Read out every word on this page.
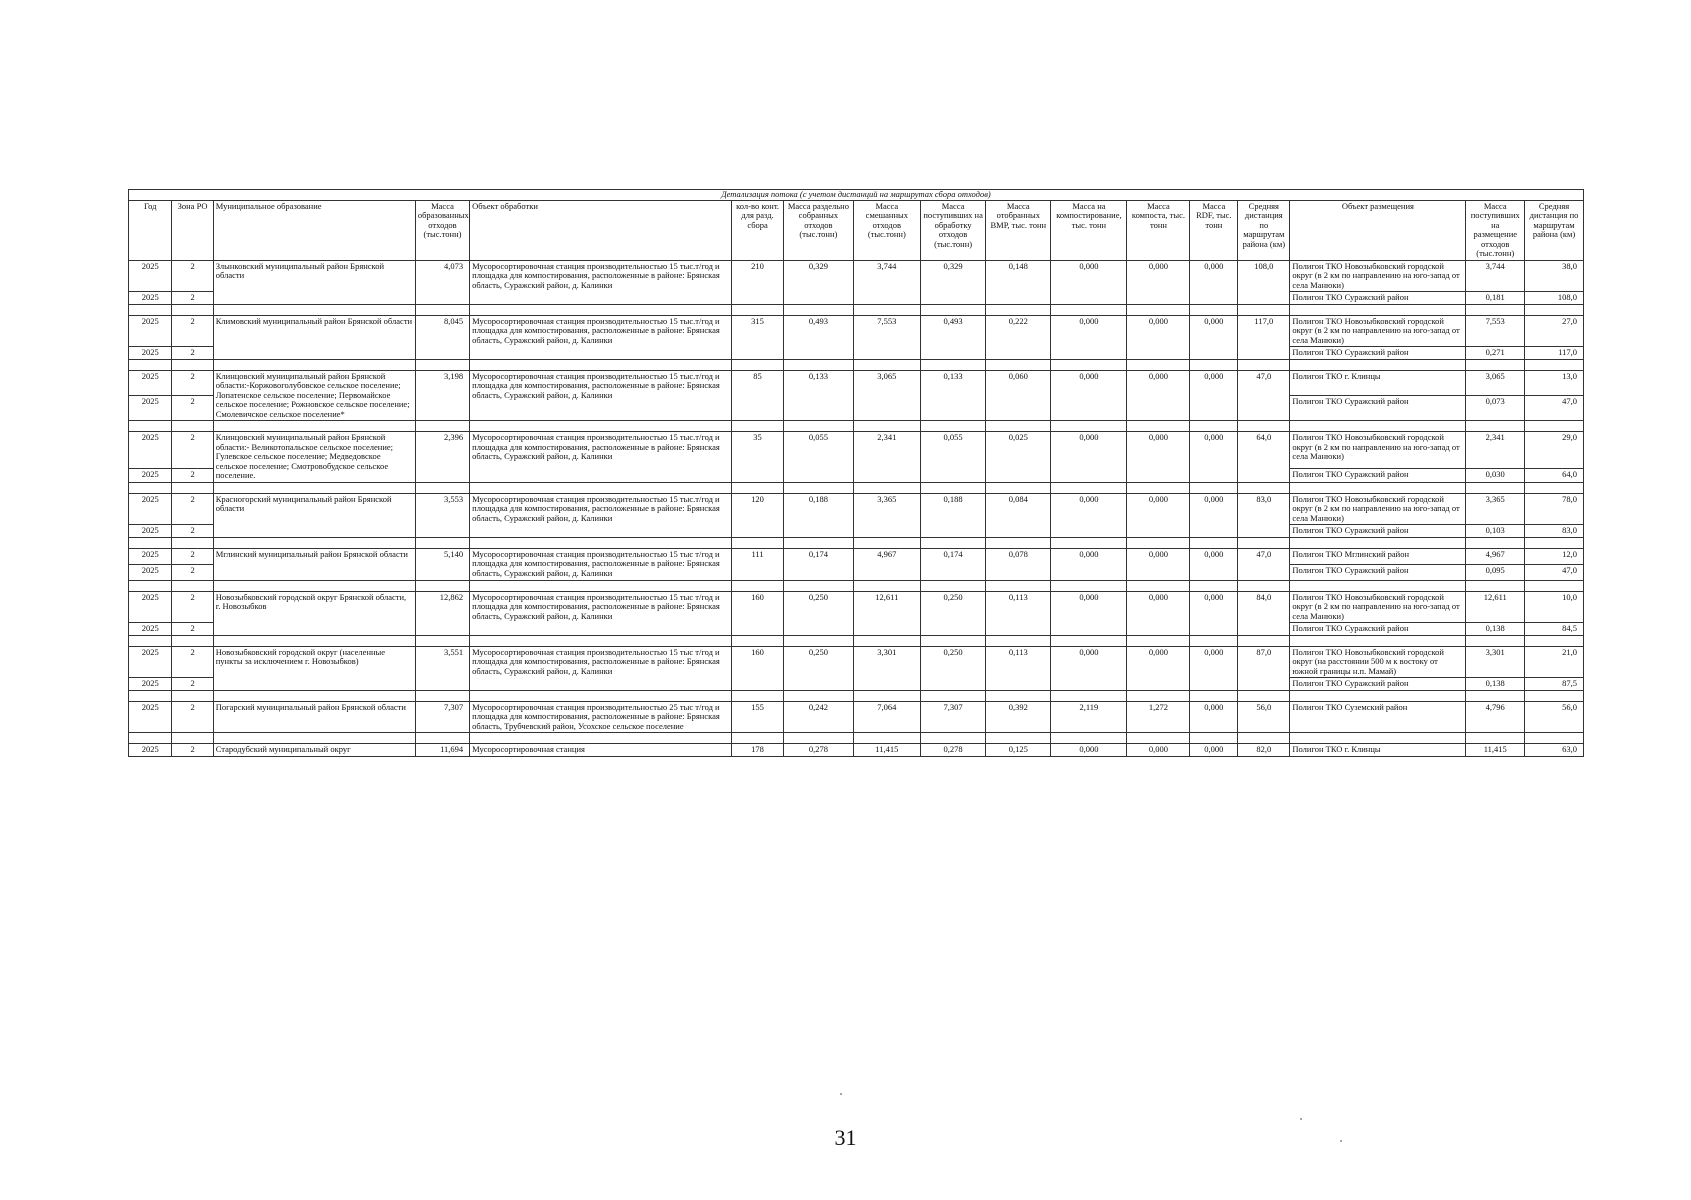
Детализация потока (с учетом дистанций на маршрутах сбора отходов)																
Год	Зона РО	Муниципальное образование	Масса образованных отходов (тыс.тонн)	Объект обработки	кол-во конт. для разд. сбора	Масса раздельно собранных отходов (тыс.тонн)	Масса смешанных отходов (тыс.тонн)	Масса поступивших на обработку отходов (тыс.тонн)	Масса отобранных ВМР, тыс. тонн	Масса на компостирование, тыс. тонн	Масса компоста, тыс. тонн	Масса RDF, тыс. тонн	Средняя дистанция по маршрутам района (км)	Объект размещения	Масса поступивших на размещение отходов (тыс.тонн)	Средняя дистанция по маршрутам района (км)
2025	2	Злынковский муниципальный район Брянской области	4,073	Мусоросортировочная станция производительностью 15 тыс.т/год и площадка для компостирования, расположенные в районе: Брянская область, Суражский район, д. Калинки	210	0,329	3,744	0,329	0,148	0,000	0,000	0,000	108,0	Полигон ТКО Новозыбковский городской округ (в 2 км по направлению на юго-запад от села Манюки)	3,744	38,0
2025	2													Полигон ТКО Суражский район	0,181	108,0

2025	2	Климовский муниципальный район Брянской области	8,045	Мусоросортировочная станция производительностью 15 тыс.т/год и площадка для компостирования, расположенные в районе: Брянская область, Суражский район, д. Калинки	315	0,493	7,553	0,493	0,222	0,000	0,000	0,000	117,0	Полигон ТКО Новозыбковский городской округ (в 2 км по направлению на юго-запад от села Манюки)	7,553	27,0
2025	2													Полигон ТКО Суражский район	0,271	117,0

2025	2	Клинцовский муниципальный район Брянской области:-Коржовоголубовское сельское поселение; Лопатенское сельское поселение; Первомайское сельское поселение; Рожновское сельское поселение; Смолевичское сельское поселение*	3,198	Мусоросортировочная станция производительностью 15 тыс.т/год и площадка для компостирования, расположенные в районе: Брянская область, Суражский район, д. Калинки	85	0,133	3,065	0,133	0,060	0,000	0,000	0,000	47,0	Полигон ТКО г. Клинцы	3,065	13,0
2025	2													Полигон ТКО Суражский район	0,073	47,0

2025	2	Клинцовский муниципальный район Брянской области:- Великотопальское сельское поселение; Гулевское сельское поселение; Медведовское сельское поселение; Смотровобудское сельское поселение.	2,396	Мусоросортировочная станция производительностью 15 тыс.т/год и площадка для компостирования, расположенные в районе: Брянская область, Суражский район, д. Калинки	35	0,055	2,341	0,055	0,025	0,000	0,000	0,000	64,0	Полигон ТКО Новозыбковский городской округ (в 2 км по направлению на юго-запад от села Манюки)	2,341	29,0
2025	2													Полигон ТКО Суражский район	0,030	64,0

2025	2	Красногорский муниципальный район Брянской области	3,553	Мусоросортировочная станция производительностью 15 тыс.т/год и площадка для компостирования, расположенные в районе: Брянская область, Суражский район, д. Калинки	120	0,188	3,365	0,188	0,084	0,000	0,000	0,000	83,0	Полигон ТКО Новозыбковский городской округ (в 2 км по направлению на юго-запад от села Манюки)	3,365	78,0
2025	2													Полигон ТКО Суражский район	0,103	83,0

2025	2	Мглинский муниципальный район Брянской области	5,140	Мусоросортировочная станция производительностью 15 тыс т/год и площадка для компостирования, расположенные в районе: Брянская область, Суражский район, д. Калинки	111	0,174	4,967	0,174	0,078	0,000	0,000	0,000	47,0	Полигон ТКО Мглинский район	4,967	12,0
2025	2													Полигон ТКО Суражский район	0,095	47,0

2025	2	Новозыбковский городской округ Брянской области, г. Новозыбков	12,862	Мусоросортировочная станция производительностью 15 тыс т/год и площадка для компостирования, расположенные в районе: Брянская область, Суражский район, д. Калинки	160	0,250	12,611	0,250	0,113	0,000	0,000	0,000	84,0	Полигон ТКО Новозыбковский городской округ (в 2 км по направлению на юго-запад от села Манюки)	12,611	10,0
2025	2													Полигон ТКО Суражский район	0,138	84,5

2025	2	Новозыбковский городской округ (населенные пункты за исключением г. Новозыбков)	3,551	Мусоросортировочная станция производительностью 15 тыс т/год и площадка для компостирования, расположенные в районе: Брянская область, Суражский район, д. Калинки	160	0,250	3,301	0,250	0,113	0,000	0,000	0,000	87,0	Полигон ТКО Новозыбковский городской округ (на расстоянии 500 м к востоку от южной границы н.п. Мамай)	3,301	21,0
2025	2													Полигон ТКО Суражский район	0,138	87,5

2025	2	Погарский муниципальный район Брянской области	7,307	Мусоросортировочная станция производительностью 25 тыс т/год и площадка для компостирования, расположенные в районе: Брянская область, Трубчевский район, Усохское сельское поселение	155	0,242	7,064	7,307	0,392	2,119	1,272	0,000	56,0	Полигон ТКО Суземский район	4,796	56,0

2025	2	Стародубский муниципальный округ	11,694	Мусоросортировочная станция	178	0,278	11,415	0,278	0,125	0,000	0,000	0,000	82,0	Полигон ТКО г. Клинцы	11,415	63,0
31
